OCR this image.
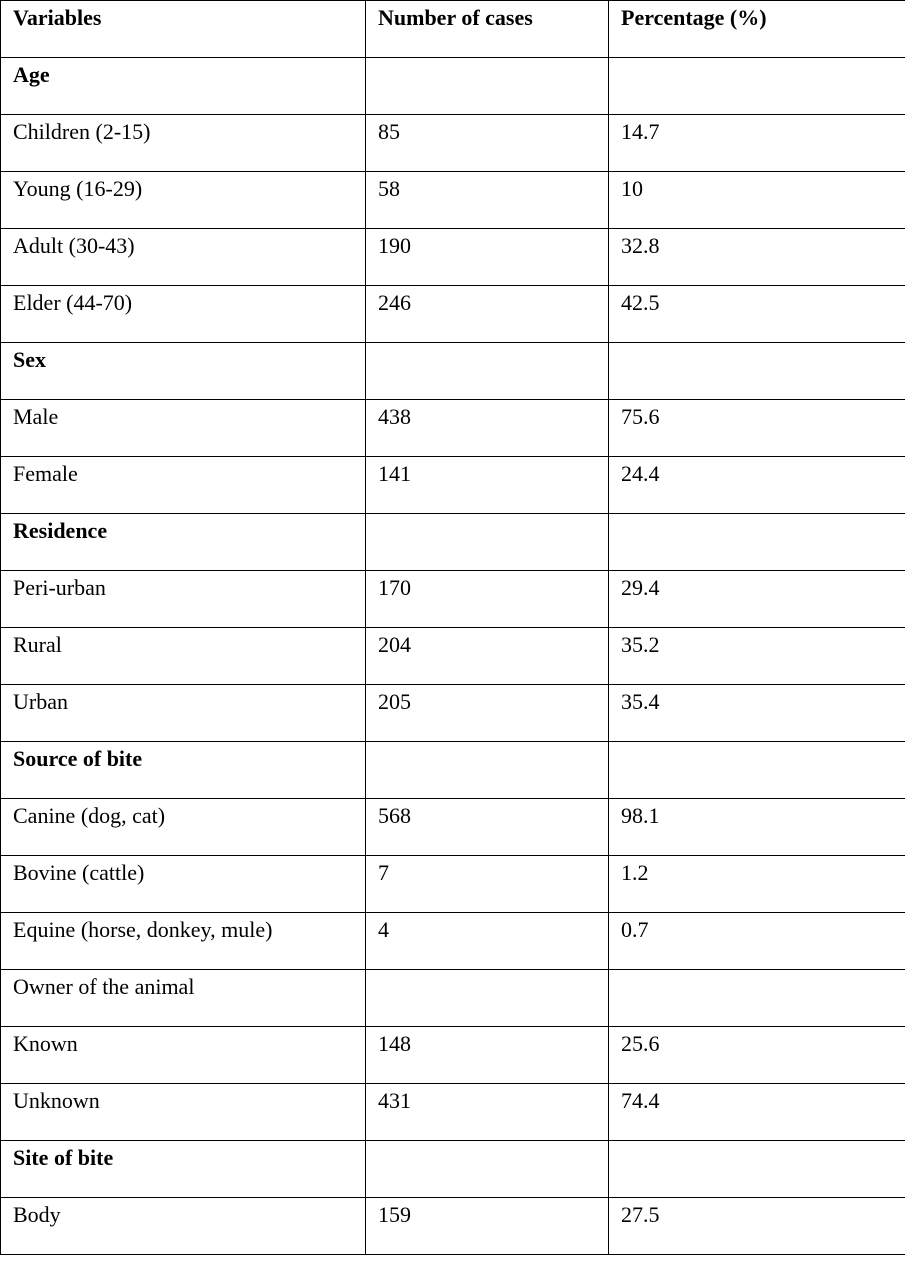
Variables	Number of cases	Percentage (%)

Age		

Children (2-15)	85	14.7

Young (16-29)	58	10

Adult (30-43)	190	32.8

Elder (44-70)	246	42.5

Sex		

Male	438	75.6

Female	141	24.4

Residence		

Peri-urban	170	29.4

Rural	204	35.2

Urban	205	35.4

Source of bite		

Canine (dog, cat)	568	98.1

Bovine (cattle)	7	1.2

Equine (horse, donkey, mule)	4	0.7

Owner of the animal		

Known	148	25.6

Unknown	431	74.4

Site of bite		

Body	159	27.5
